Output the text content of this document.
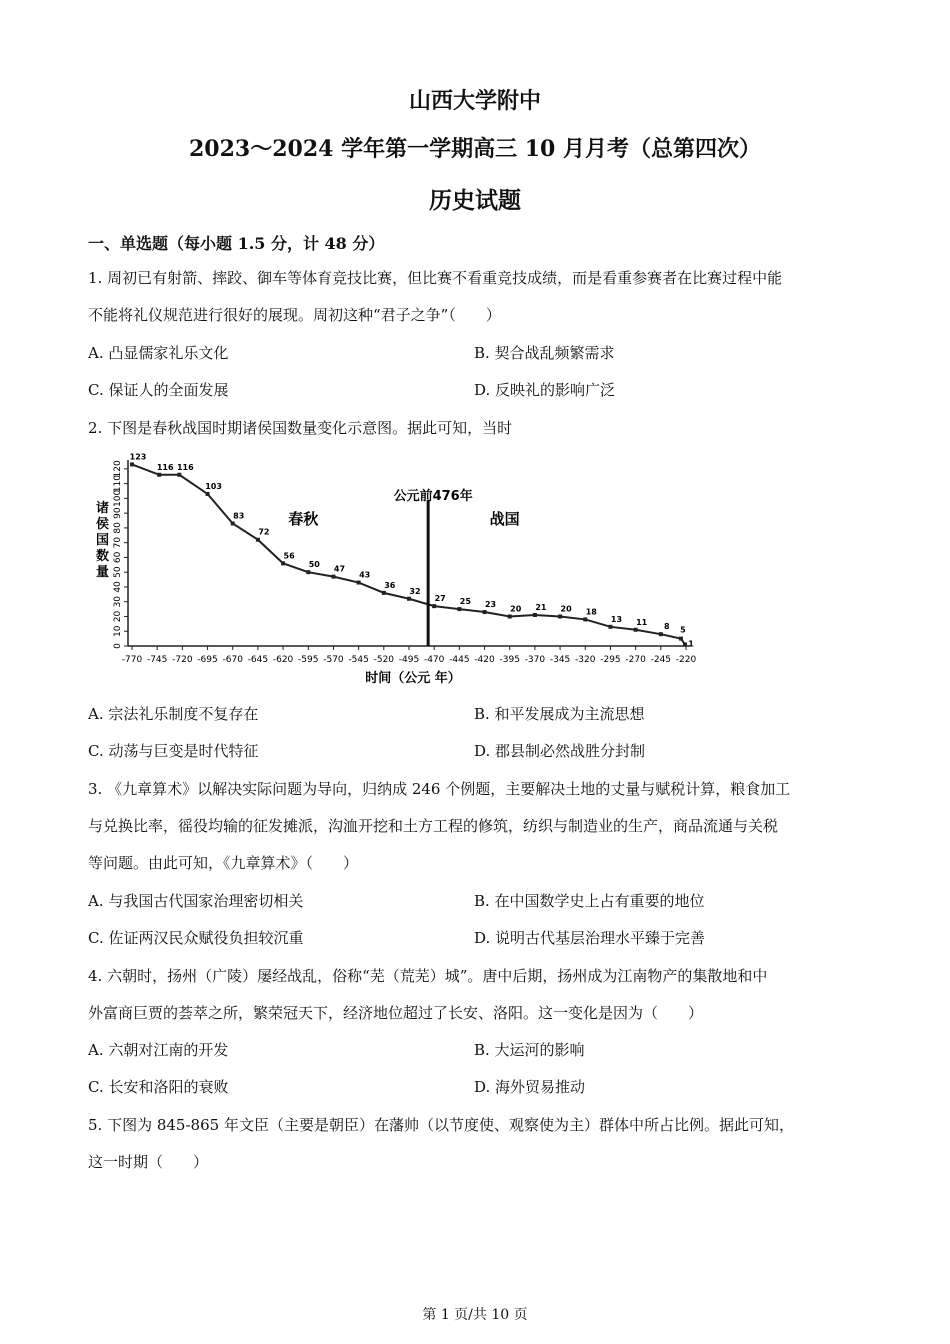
山西大学附中
2023～2024 学年第一学期高三 10 月月考（总第四次）
历史试题
一、单选题（每小题 1.5 分，计 48 分）
1. 周初已有射箭、摔跤、御车等体育竞技比赛，但比赛不看重竞技成绩，而是看重参赛者在比赛过程中能
不能将礼仪规范进行很好的展现。周初这种“君子之争”（　　）
A. 凸显儒家礼乐文化	B. 契合战乱频繁需求
C. 保证人的全面发展	D. 反映礼的影响广泛
2. 下图是春秋战国时期诸侯国数量变化示意图。据此可知，当时
诸侯国数量
时间（公元 年）
-770 -745 -720 -695 -670 -645 -620 -595 -570 -545 -520 -495 -470 -445 -420 -395 -370 -345 -320 -295 -270 -245 -220
0
10
20
30
40
50
60
70
80
90
100
110
120
123
116 116
103
83
72
56
50 47
43
36
32
27 25 23 20 21 20 18
13 11 8 5
1
公元前476年
春秋	战国
A. 宗法礼乐制度不复存在	B. 和平发展成为主流思想
C. 动荡与巨变是时代特征	D. 郡县制必然战胜分封制
3. 《九章算术》以解决实际问题为导向，归纳成 246 个例题，主要解决土地的丈量与赋税计算，粮食加工
与兑换比率，徭役均输的征发摊派，沟洫开挖和土方工程的修筑，纺织与制造业的生产，商品流通与关税
等问题。由此可知，《九章算术》（　　）
A. 与我国古代国家治理密切相关	B. 在中国数学史上占有重要的地位
C. 佐证两汉民众赋役负担较沉重	D. 说明古代基层治理水平臻于完善
4. 六朝时，扬州（广陵）屡经战乱，俗称“芜（荒芜）城”。唐中后期，扬州成为江南物产的集散地和中
外富商巨贾的荟萃之所，繁荣冠天下，经济地位超过了长安、洛阳。这一变化是因为（　　）
A. 六朝对江南的开发	B. 大运河的影响
C. 长安和洛阳的衰败	D. 海外贸易推动
5. 下图为 845-865 年文臣（主要是朝臣）在藩帅（以节度使、观察使为主）群体中所占比例。据此可知，
这一时期（　　）
第 1 页/共 10 页
